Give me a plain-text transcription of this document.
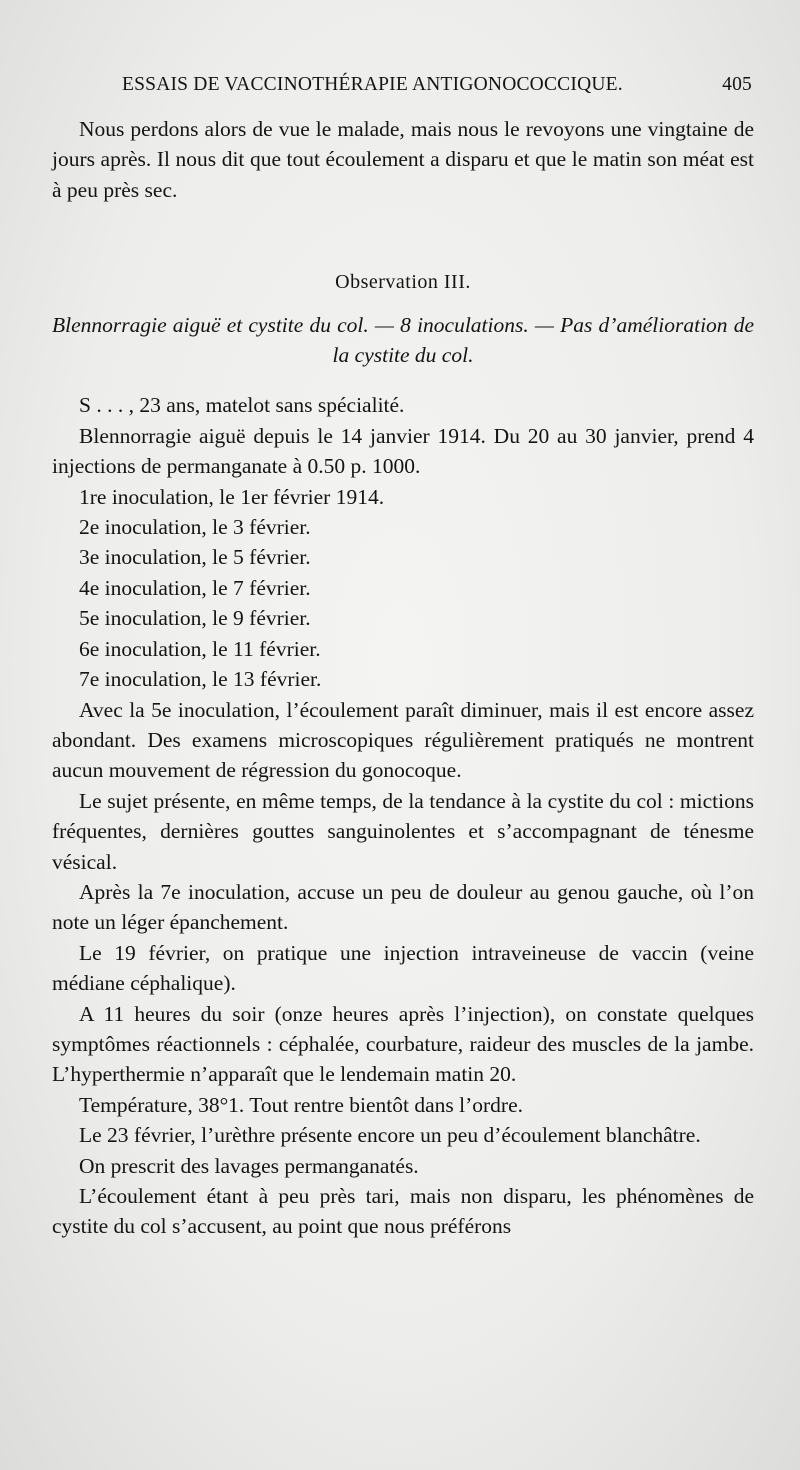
ESSAIS DE VACCINOTHÉRAPIE ANTIGONOCOCCIQUE.	405

Nous perdons alors de vue le malade, mais nous le revoyons une vingtaine de jours après. Il nous dit que tout écoulement a disparu et que le matin son méat est à peu près sec.

Observation III.

Blennorragie aiguë et cystite du col. — 8 inoculations. — Pas d’amélioration de la cystite du col.

S . . . , 23 ans, matelot sans spécialité.

Blennorragie aiguë depuis le 14 janvier 1914. Du 20 au 30 janvier, prend 4 injections de permanganate à 0.50 p. 1000.

1re inoculation, le 1er février 1914.

2e inoculation, le 3 février.

3e inoculation, le 5 février.

4e inoculation, le 7 février.

5e inoculation, le 9 février.

6e inoculation, le 11 février.

7e inoculation, le 13 février.

Avec la 5e inoculation, l’écoulement paraît diminuer, mais il est encore assez abondant. Des examens microscopiques régulièrement pratiqués ne montrent aucun mouvement de régression du gonocoque.

Le sujet présente, en même temps, de la tendance à la cystite du col : mictions fréquentes, dernières gouttes sanguinolentes et s’accompagnant de ténesme vésical.

Après la 7e inoculation, accuse un peu de douleur au genou gauche, où l’on note un léger épanchement.

Le 19 février, on pratique une injection intraveineuse de vaccin (veine médiane céphalique).

A 11 heures du soir (onze heures après l’injection), on constate quelques symptômes réactionnels : céphalée, courbature, raideur des muscles de la jambe. L’hyperthermie n’apparaît que le lendemain matin 20.

Température, 38°1. Tout rentre bientôt dans l’ordre.

Le 23 février, l’urèthre présente encore un peu d’écoulement blanchâtre.

On prescrit des lavages permanganatés.

L’écoulement étant à peu près tari, mais non disparu, les phénomènes de cystite du col s’accusent, au point que nous préférons
